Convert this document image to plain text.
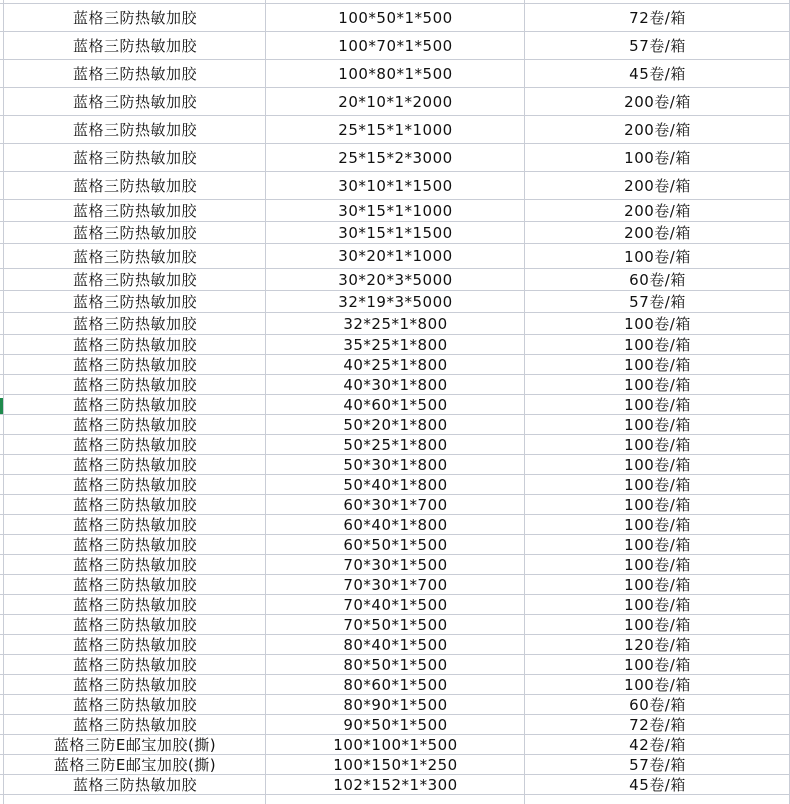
蓝格三防热敏加胶	100*50*1*500	72卷/箱
蓝格三防热敏加胶	100*70*1*500	57卷/箱
蓝格三防热敏加胶	100*80*1*500	45卷/箱
蓝格三防热敏加胶	20*10*1*2000	200卷/箱
蓝格三防热敏加胶	25*15*1*1000	200卷/箱
蓝格三防热敏加胶	25*15*2*3000	100卷/箱
蓝格三防热敏加胶	30*10*1*1500	200卷/箱
蓝格三防热敏加胶	30*15*1*1000	200卷/箱
蓝格三防热敏加胶	30*15*1*1500	200卷/箱
蓝格三防热敏加胶	30*20*1*1000	100卷/箱
蓝格三防热敏加胶	30*20*3*5000	60卷/箱
蓝格三防热敏加胶	32*19*3*5000	57卷/箱
蓝格三防热敏加胶	32*25*1*800	100卷/箱
蓝格三防热敏加胶	35*25*1*800	100卷/箱
蓝格三防热敏加胶	40*25*1*800	100卷/箱
蓝格三防热敏加胶	40*30*1*800	100卷/箱
蓝格三防热敏加胶	40*60*1*500	100卷/箱
蓝格三防热敏加胶	50*20*1*800	100卷/箱
蓝格三防热敏加胶	50*25*1*800	100卷/箱
蓝格三防热敏加胶	50*30*1*800	100卷/箱
蓝格三防热敏加胶	50*40*1*800	100卷/箱
蓝格三防热敏加胶	60*30*1*700	100卷/箱
蓝格三防热敏加胶	60*40*1*800	100卷/箱
蓝格三防热敏加胶	60*50*1*500	100卷/箱
蓝格三防热敏加胶	70*30*1*500	100卷/箱
蓝格三防热敏加胶	70*30*1*700	100卷/箱
蓝格三防热敏加胶	70*40*1*500	100卷/箱
蓝格三防热敏加胶	70*50*1*500	100卷/箱
蓝格三防热敏加胶	80*40*1*500	120卷/箱
蓝格三防热敏加胶	80*50*1*500	100卷/箱
蓝格三防热敏加胶	80*60*1*500	100卷/箱
蓝格三防热敏加胶	80*90*1*500	60卷/箱
蓝格三防热敏加胶	90*50*1*500	72卷/箱
蓝格三防E邮宝加胶(撕)	100*100*1*500	42卷/箱
蓝格三防E邮宝加胶(撕)	100*150*1*250	57卷/箱
蓝格三防热敏加胶	102*152*1*300	45卷/箱
